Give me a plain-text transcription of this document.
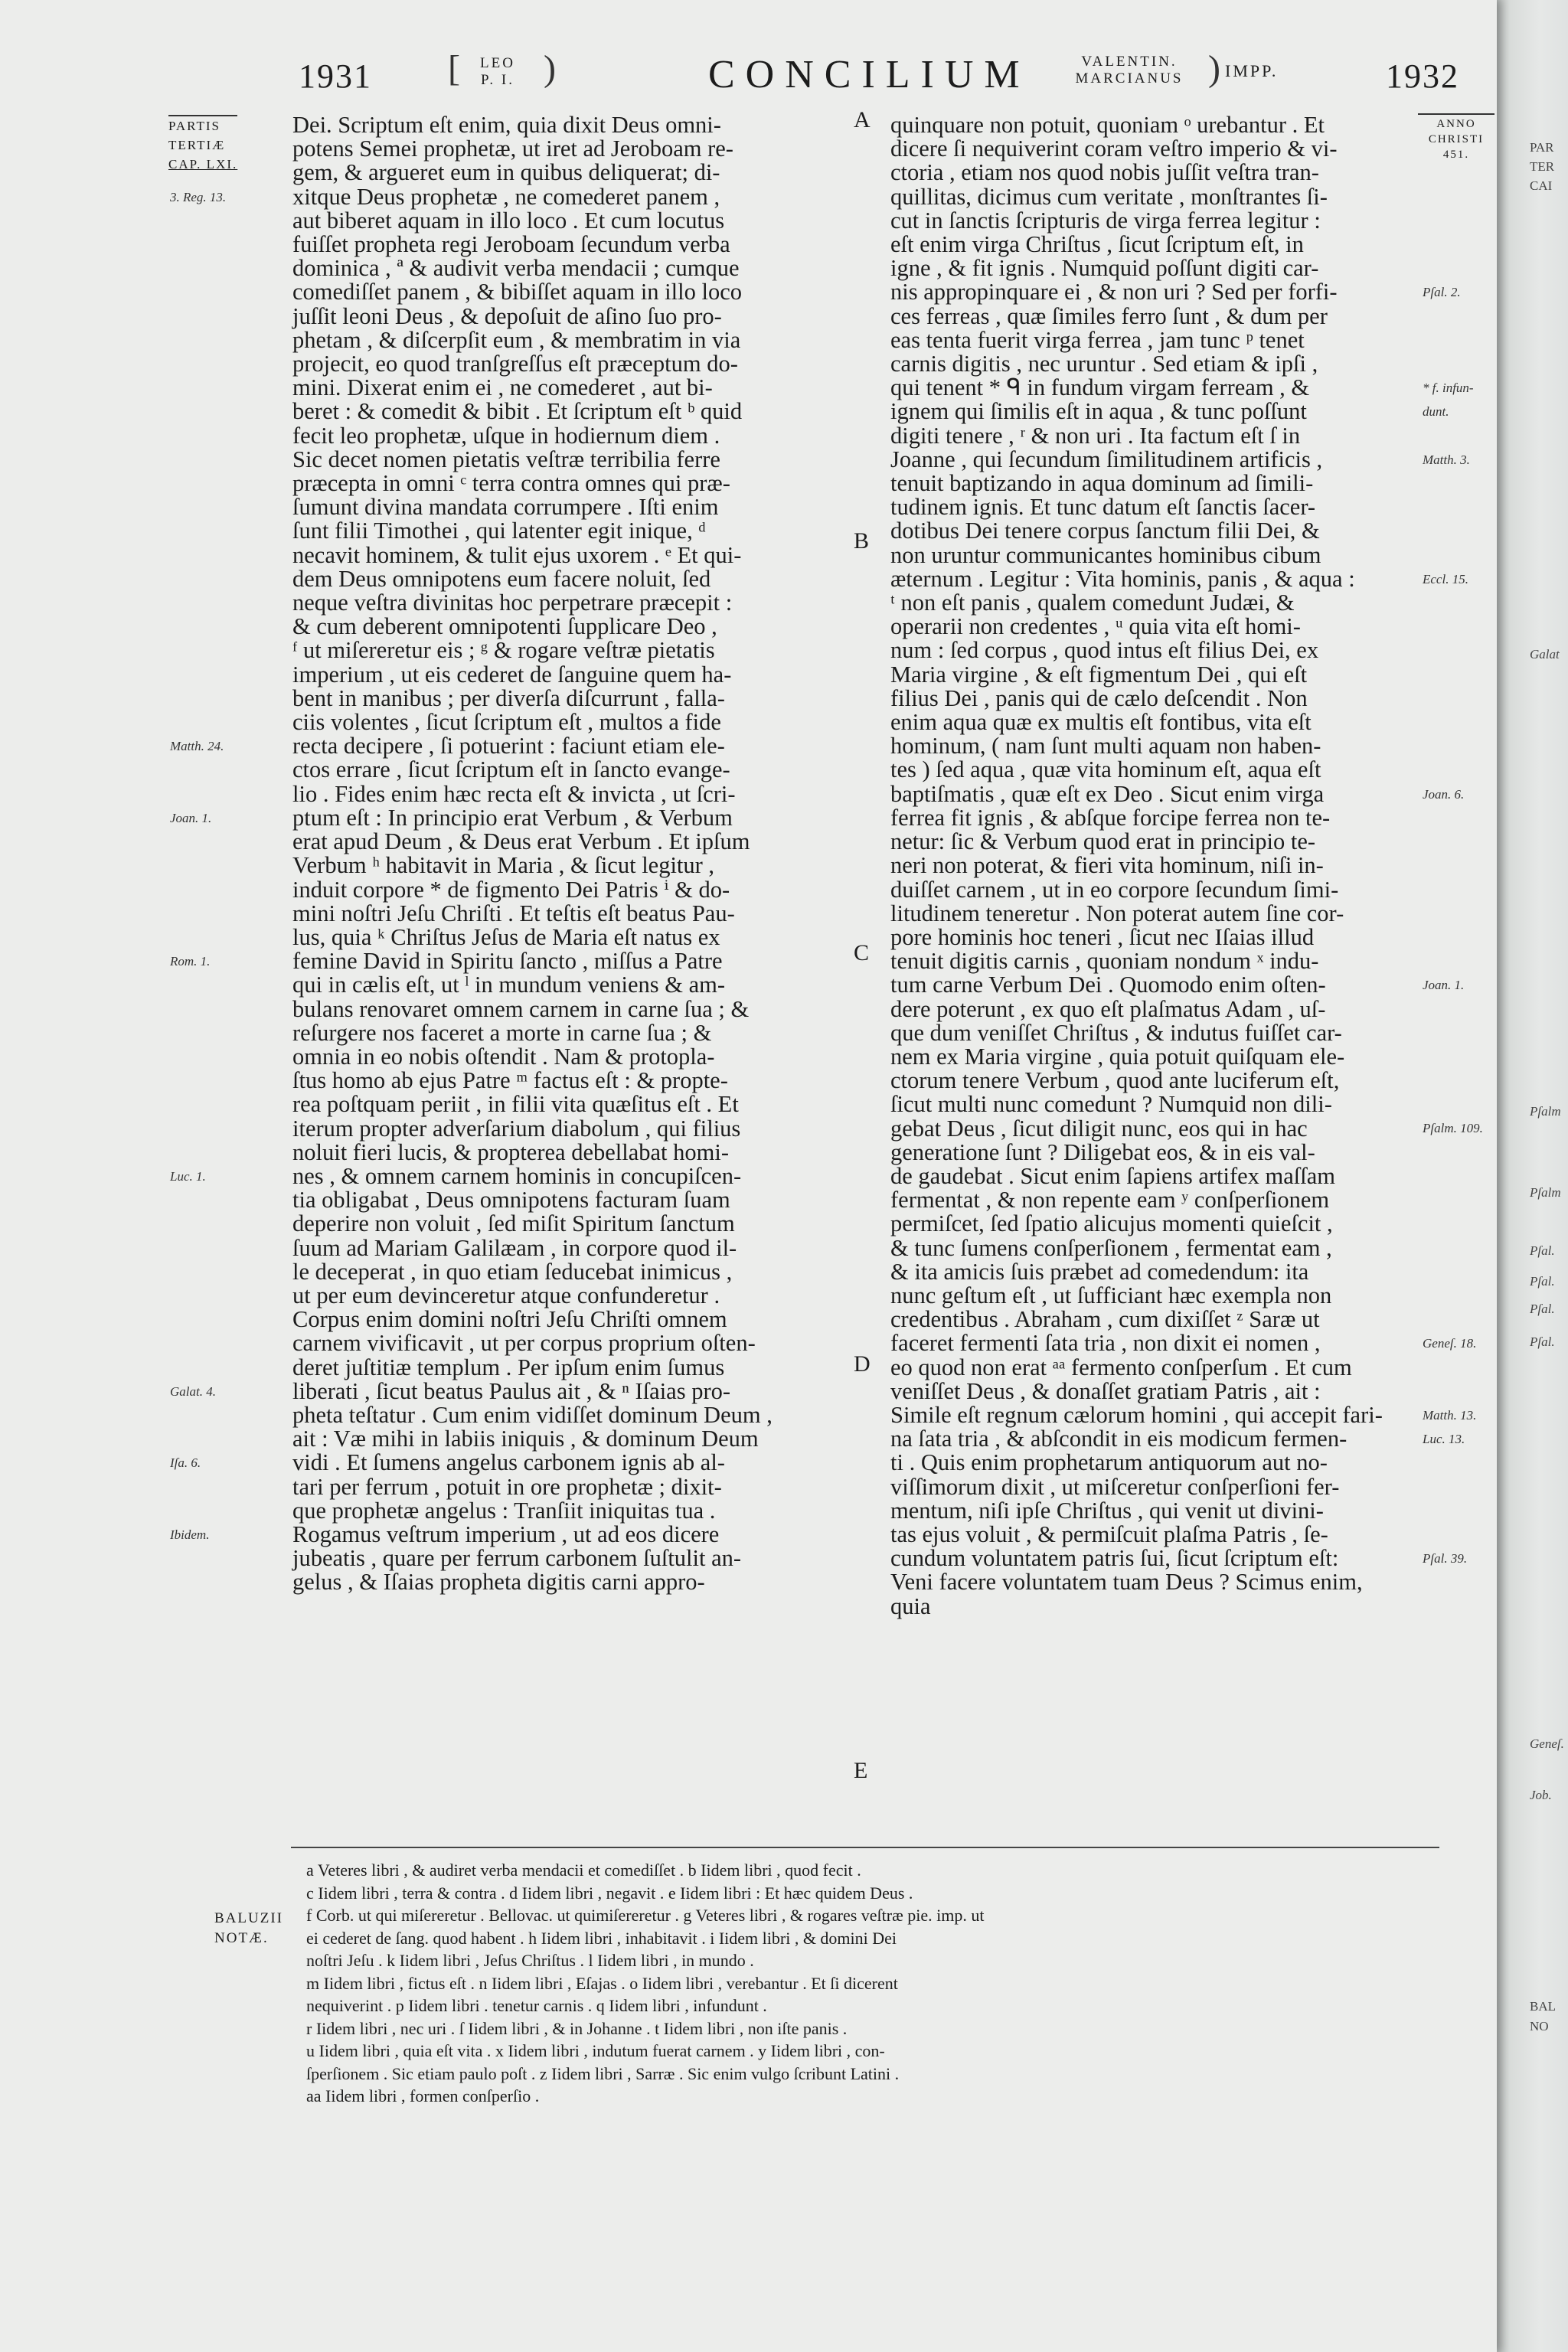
1931 [	LEO
P. I. )	CONCILIUM	VALENTIN.
MARCIANUS ) IMPP.	1932
PARTIS
TERTIÆ
CAP. LXI.
ANNO
CHRISTI
451.

Dei. Scriptum eſt enim, quia dixit Deus omni-

potens Semei prophetæ, ut iret ad Jeroboam re-

gem, & argueret eum in quibus deliquerat; di-

xitque Deus prophetæ , ne comederet panem ,

aut biberet aquam in illo loco . Et cum locutus

fuiſſet propheta regi Jeroboam ſecundum verba

dominica , ª & audivit verba mendacii ; cumque

comediſſet panem , & bibiſſet aquam in illo loco

juſſit leoni Deus , & depoſuit de aſino ſuo pro-

phetam , & diſcerpſit eum , & membratim in via

projecit, eo quod tranſgreſſus eſt præceptum do-

mini. Dixerat enim ei , ne comederet , aut bi-

beret : & comedit & bibit . Et ſcriptum eſt ᵇ quid

fecit leo prophetæ, uſque in hodiernum diem .

Sic decet nomen pietatis veſtræ terribilia ferre

præcepta in omni ᶜ terra contra omnes qui præ-

ſumunt divina mandata corrumpere . Iſti enim

ſunt filii Timothei , qui latenter egit inique, ᵈ

necavit hominem, & tulit ejus uxorem . ᵉ Et qui-

dem Deus omnipotens eum facere noluit, ſed

neque veſtra divinitas hoc perpetrare præcepit :

& cum deberent omnipotenti ſupplicare Deo ,

ᶠ ut miſereretur eis ; ᵍ & rogare veſtræ pietatis

imperium , ut eis cederet de ſanguine quem ha-

bent in manibus ; per diverſa diſcurrunt , falla-

ciis volentes , ſicut ſcriptum eſt , multos a fide

recta decipere , ſi potuerint : faciunt etiam ele-

ctos errare , ſicut ſcriptum eſt in ſancto evange-

lio . Fides enim hæc recta eſt & invicta , ut ſcri-

ptum eſt : In principio erat Verbum , & Verbum

erat apud Deum , & Deus erat Verbum . Et ipſum

Verbum ʰ habitavit in Maria , & ſicut legitur ,

induit corpore * de figmento Dei Patris ⁱ & do-

mini noſtri Jeſu Chriſti . Et teſtis eſt beatus Pau-

lus, quia ᵏ Chriſtus Jeſus de Maria eſt natus ex

femine David in Spiritu ſancto , miſſus a Patre

qui in cælis eſt, ut ˡ in mundum veniens & am-

bulans renovaret omnem carnem in carne ſua ; &

reſurgere nos faceret a morte in carne ſua ; &

omnia in eo nobis oſtendit . Nam & protopla-

ſtus homo ab ejus Patre ᵐ factus eſt : & propte-

rea poſtquam periit , in filii vita quæſitus eſt . Et

iterum propter adverſarium diabolum , qui filius

noluit fieri lucis, & propterea debellabat homi-

nes , & omnem carnem hominis in concupiſcen-

tia obligabat , Deus omnipotens facturam ſuam

deperire non voluit , ſed miſit Spiritum ſanctum

ſuum ad Mariam Galilæam , in corpore quod il-

le deceperat , in quo etiam ſeducebat inimicus ,

ut per eum devinceretur atque confunderetur .

Corpus enim domini noſtri Jeſu Chriſti omnem

carnem vivificavit , ut per corpus proprium oſten-

deret juſtitiæ templum . Per ipſum enim ſumus

liberati , ſicut beatus Paulus ait , & ⁿ Iſaias pro-

pheta teſtatur . Cum enim vidiſſet dominum Deum ,

ait : Væ mihi in labiis iniquis , & dominum Deum

vidi . Et ſumens angelus carbonem ignis ab al-

tari per ferrum , potuit in ore prophetæ ; dixit-

que prophetæ angelus : Tranſiit iniquitas tua .

Rogamus veſtrum imperium , ut ad eos dicere

jubeatis , quare per ferrum carbonem ſuſtulit an-

gelus , & Iſaias propheta digitis carni appro-

quinquare non potuit, quoniam ᵒ urebantur . Et

dicere ſi nequiverint coram veſtro imperio & vi-

ctoria , etiam nos quod nobis juſſit veſtra tran-

quillitas, dicimus cum veritate , monſtrantes ſi-

cut in ſanctis ſcripturis de virga ferrea legitur :

eſt enim virga Chriſtus , ſicut ſcriptum eſt, in

igne , & fit ignis . Numquid poſſunt digiti car-

nis appropinquare ei , & non uri ? Sed per forfi-

ces ferreas , quæ ſimiles ferro ſunt , & dum per

eas tenta fuerit virga ferrea , jam tunc ᵖ tenet

carnis digitis , nec uruntur . Sed etiam & ipſi ,

qui tenent * ᑫ in fundum virgam ferream , &

ignem qui ſimilis eſt in aqua , & tunc poſſunt

digiti tenere , ʳ & non uri . Ita factum eſt ſ in

Joanne , qui ſecundum ſimilitudinem artificis ,

tenuit baptizando in aqua dominum ad ſimili-

tudinem ignis. Et tunc datum eſt ſanctis ſacer-

dotibus Dei tenere corpus ſanctum filii Dei, &

non uruntur communicantes hominibus cibum

æternum . Legitur : Vita hominis, panis , & aqua :

ᵗ non eſt panis , qualem comedunt Judæi, &

operarii non credentes , ᵘ quia vita eſt homi-

num : ſed corpus , quod intus eſt filius Dei, ex

Maria virgine , & eſt figmentum Dei , qui eſt

filius Dei , panis qui de cælo deſcendit . Non

enim aqua quæ ex multis eſt fontibus, vita eſt

hominum, ( nam ſunt multi aquam non haben-

tes ) ſed aqua , quæ vita hominum eſt, aqua eſt

baptiſmatis , quæ eſt ex Deo . Sicut enim virga

ferrea fit ignis , & abſque forcipe ferrea non te-

netur: ſic & Verbum quod erat in principio te-

neri non poterat, & fieri vita hominum, niſi in-

duiſſet carnem , ut in eo corpore ſecundum ſimi-

litudinem teneretur . Non poterat autem ſine cor-

pore hominis hoc teneri , ſicut nec Iſaias illud

tenuit digitis carnis , quoniam nondum ˣ indu-

tum carne Verbum Dei . Quomodo enim oſten-

dere poterunt , ex quo eſt plaſmatus Adam , uſ-

que dum veniſſet Chriſtus , & indutus fuiſſet car-

nem ex Maria virgine , quia potuit quiſquam ele-

ctorum tenere Verbum , quod ante luciferum eſt,

ſicut multi nunc comedunt ? Numquid non dili-

gebat Deus , ſicut diligit nunc, eos qui in hac

generatione ſunt ? Diligebat eos, & in eis val-

de gaudebat . Sicut enim ſapiens artifex maſſam

fermentat , & non repente eam ʸ conſperſionem

permiſcet, ſed ſpatio alicujus momenti quieſcit ,

& tunc ſumens conſperſionem , fermentat eam ,

& ita amicis ſuis præbet ad comedendum: ita

nunc geſtum eſt , ut ſufficiant hæc exempla non

credentibus . Abraham , cum dixiſſet ᶻ Saræ ut

faceret fermenti ſata tria , non dixit ei nomen ,

eo quod non erat ᵃᵃ fermento conſperſum . Et cum

veniſſet Deus , & donaſſet gratiam Patris , ait :

Simile eſt regnum cælorum homini , qui accepit fari-

na ſata tria , & abſcondit in eis modicum fermen-

ti . Quis enim prophetarum antiquorum aut no-

viſſimorum dixit , ut miſceretur conſperſioni fer-

mentum, niſi ipſe Chriſtus , qui venit ut divini-

tas ejus voluit , & permiſcuit plaſma Patris , ſe-

cundum voluntatem patris ſui, ſicut ſcriptum eſt:

Veni facere voluntatem tuam Deus ? Scimus enim,

quia

3. Reg. 13.
Matth. 24.
Joan. 1.
Rom. 1.
Luc. 1.
Galat. 4.
Iſa. 6.
Ibidem.
Pſal. 2.
* f. infun-
dunt.
Matth. 3.
Eccl. 15.
Joan. 6.
Joan. 1.
Pſalm. 109.
Geneſ. 18.
Matth. 13.
Luc. 13.
Pſal. 39.
A
B
C
D
E
BALUZII
NOTÆ.

a Veteres libri , & audiret verba mendacii et comediſſet . b Iidem libri , quod fecit .

c Iidem libri , terra & contra . d Iidem libri , negavit . e Iidem libri : Et hæc quidem Deus .

f Corb. ut qui miſereretur . Bellovac. ut quimiſereretur . g Veteres libri , & rogares veſtræ pie. imp. ut

ei cederet de ſang. quod habent . h Iidem libri , inhabitavit . i Iidem libri , & domini Dei

noſtri Jeſu . k Iidem libri , Jeſus Chriſtus . l Iidem libri , in mundo .

m Iidem libri , fictus eſt . n Iidem libri , Eſajas . o Iidem libri , verebantur . Et ſi dicerent

nequiverint . p Iidem libri . tenetur carnis . q Iidem libri , infundunt .

r Iidem libri , nec uri . ſ Iidem libri , & in Johanne . t Iidem libri , non iſte panis .

u Iidem libri , quia eſt vita . x Iidem libri , indutum fuerat carnem . y Iidem libri , con-

ſperſionem . Sic etiam paulo poſt . z Iidem libri , Sarræ . Sic enim vulgo ſcribunt Latini .

aa Iidem libri , formen conſperſio .

PAR
TER
CAI
Galat
Pſalm
Pſalm
Pſal.
Pſal.
Pſal.
Pſal.
Geneſ.
Job.
BAL
NO
